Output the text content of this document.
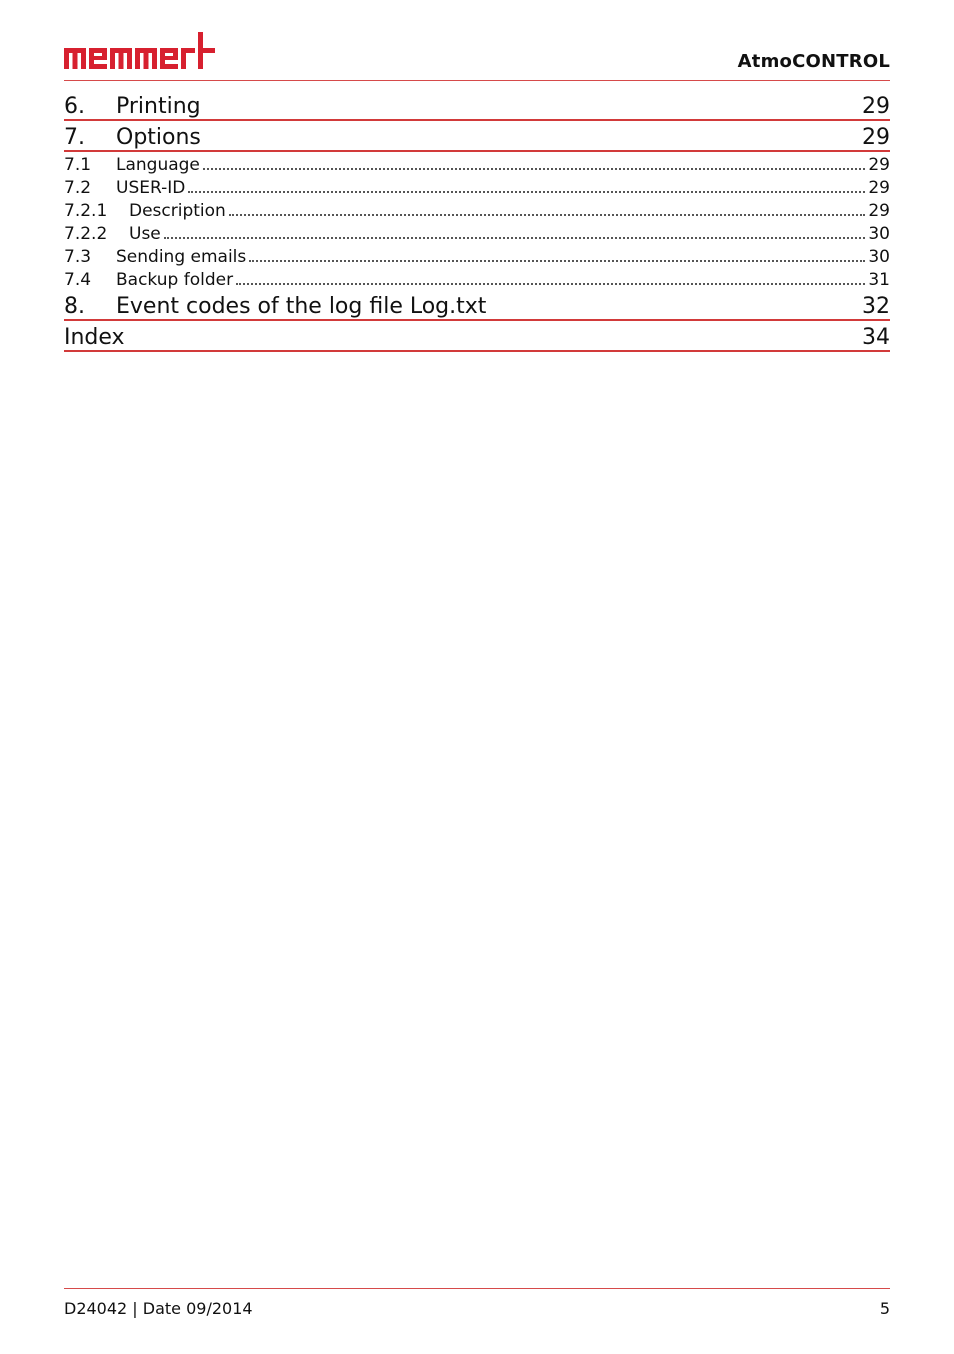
AtmoCONTROL
6.	Printing	29
7.	Options	29
7.1	Language	29
7.2	USER-ID	29
7.2.1	Description	29
7.2.2	Use	30
7.3	Sending emails	30
7.4	Backup folder	31
8.	Event codes of the log file Log.txt	32
Index	34
D24042 | Date 09/2014	5
